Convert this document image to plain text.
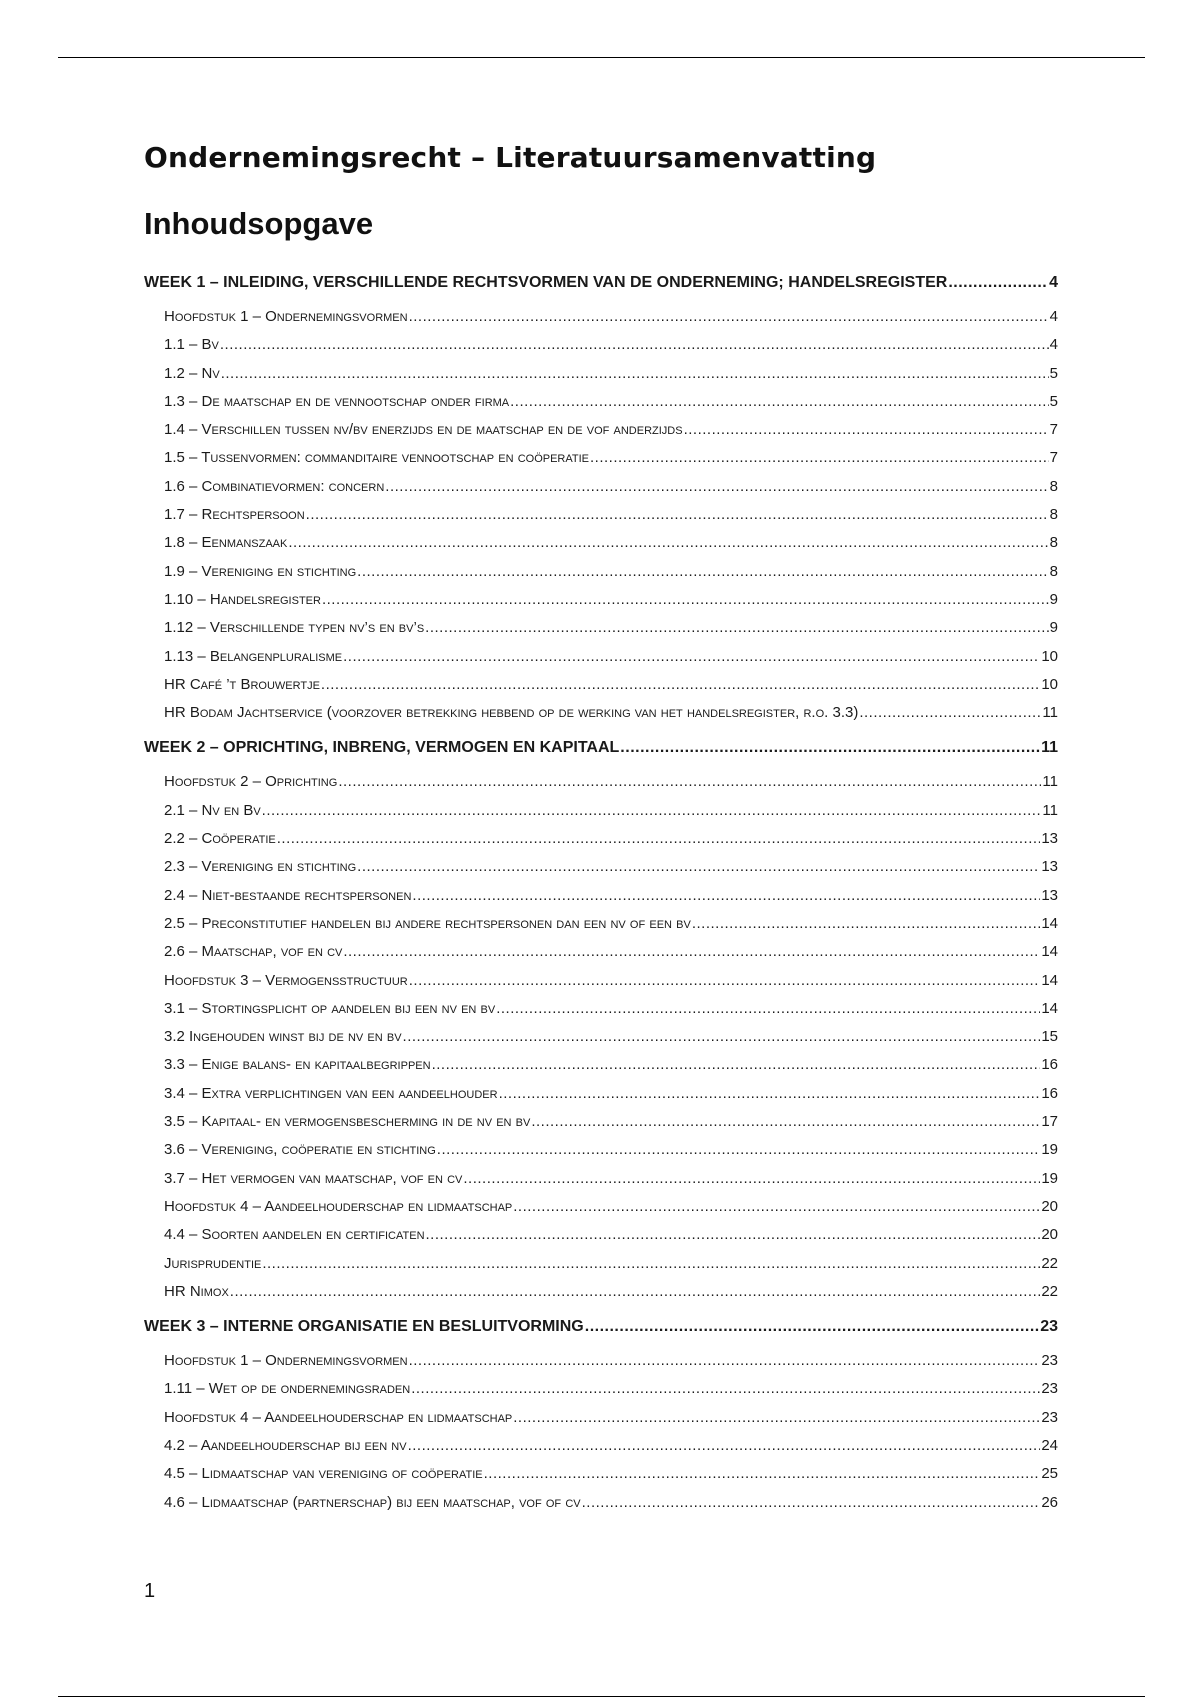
Ondernemingsrecht – Literatuursamenvatting
Inhoudsopgave
WEEK 1 – INLEIDING, VERSCHILLENDE RECHTSVORMEN VAN DE ONDERNEMING; HANDELSREGISTER .....	4
Hoofdstuk 1 – Ondernemingsvormen .....	4
1.1 – Bv .....	4
1.2 – Nv .....	5
1.3 – De maatschap en de vennootschap onder firma .....	5
1.4 – Verschillen tussen nv/bv enerzijds en de maatschap en de vof anderzijds .....	7
1.5 – Tussenvormen: commanditaire vennootschap en coöperatie .....	7
1.6 – Combinatievormen: concern .....	8
1.7 – Rechtspersoon .....	8
1.8 – Eenmanszaak .....	8
1.9 – Vereniging en stichting .....	8
1.10 – Handelsregister .....	9
1.12 – Verschillende typen nv’s en bv’s .....	9
1.13 – Belangenpluralisme .....	10
HR Café ’t Brouwertje .....	10
HR Bodam Jachtservice (voorzover betrekking hebbend op de werking van het handelsregister, r.o. 3.3) .....	11
WEEK 2 – OPRICHTING, INBRENG, VERMOGEN EN KAPITAAL .....	11
Hoofdstuk 2 – Oprichting .....	11
2.1 – Nv en Bv .....	11
2.2 – Coöperatie .....	13
2.3 – Vereniging en stichting .....	13
2.4 – Niet-bestaande rechtspersonen .....	13
2.5 – Preconstitutief handelen bij andere rechtspersonen dan een nv of een bv .....	14
2.6 – Maatschap, vof en cv .....	14
Hoofdstuk 3 – Vermogensstructuur .....	14
3.1 – Stortingsplicht op aandelen bij een nv en bv .....	14
3.2 Ingehouden winst bij de nv en bv .....	15
3.3 – Enige balans- en kapitaalbegrippen .....	16
3.4 – Extra verplichtingen van een aandeelhouder .....	16
3.5 – Kapitaal- en vermogensbescherming in de nv en bv .....	17
3.6 – Vereniging, coöperatie en stichting .....	19
3.7 – Het vermogen van maatschap, vof en cv .....	19
Hoofdstuk 4 – Aandeelhouderschap en lidmaatschap .....	20
4.4 – Soorten aandelen en certificaten .....	20
Jurisprudentie .....	22
HR Nimox .....	22
WEEK 3 – INTERNE ORGANISATIE EN BESLUITVORMING .....	23
Hoofdstuk 1 – Ondernemingsvormen .....	23
1.11 – Wet op de ondernemingsraden .....	23
Hoofdstuk 4 – Aandeelhouderschap en lidmaatschap .....	23
4.2 – Aandeelhouderschap bij een nv .....	24
4.5 – Lidmaatschap van vereniging of coöperatie .....	25
4.6 – Lidmaatschap (partnerschap) bij een maatschap, vof of cv .....	26
1
